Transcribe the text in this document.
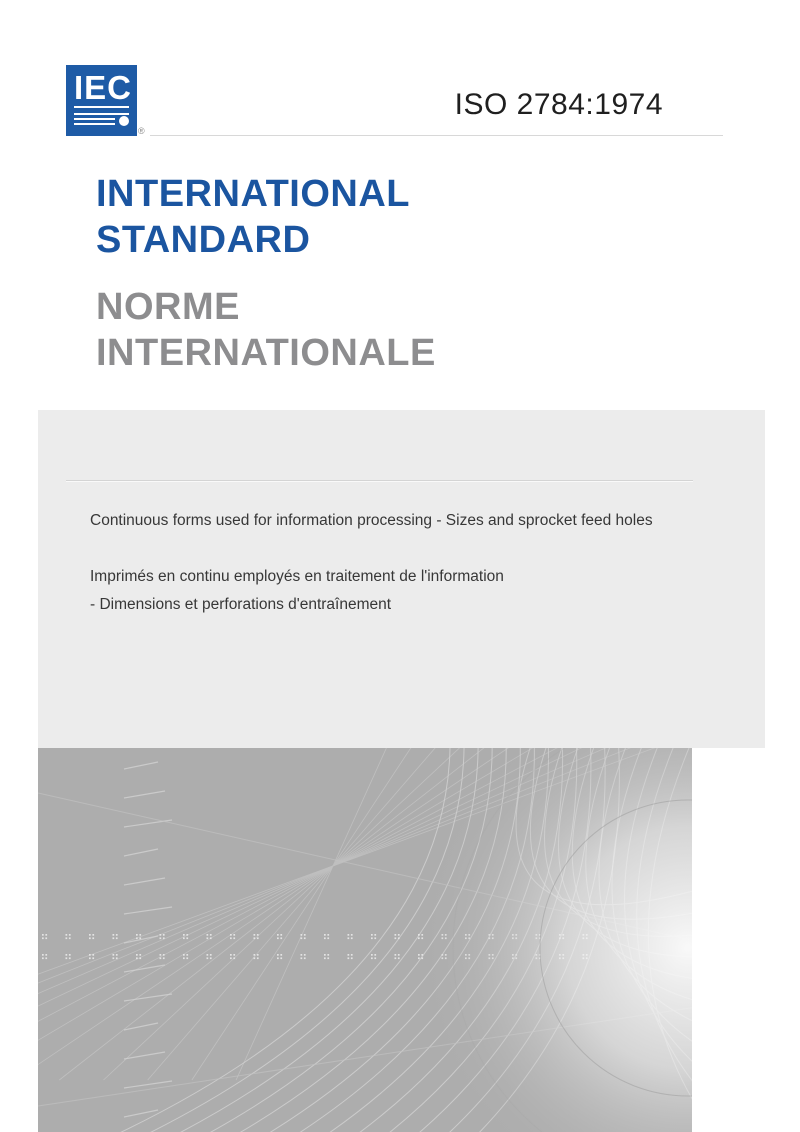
IEC
®
ISO 2784:1974
INTERNATIONAL
STANDARD
NORME
INTERNATIONALE
Continuous forms used for information processing - Sizes and sprocket feed holes
Imprimés en continu employés en traitement de l'information
- Dimensions et perforations d'entraînement
